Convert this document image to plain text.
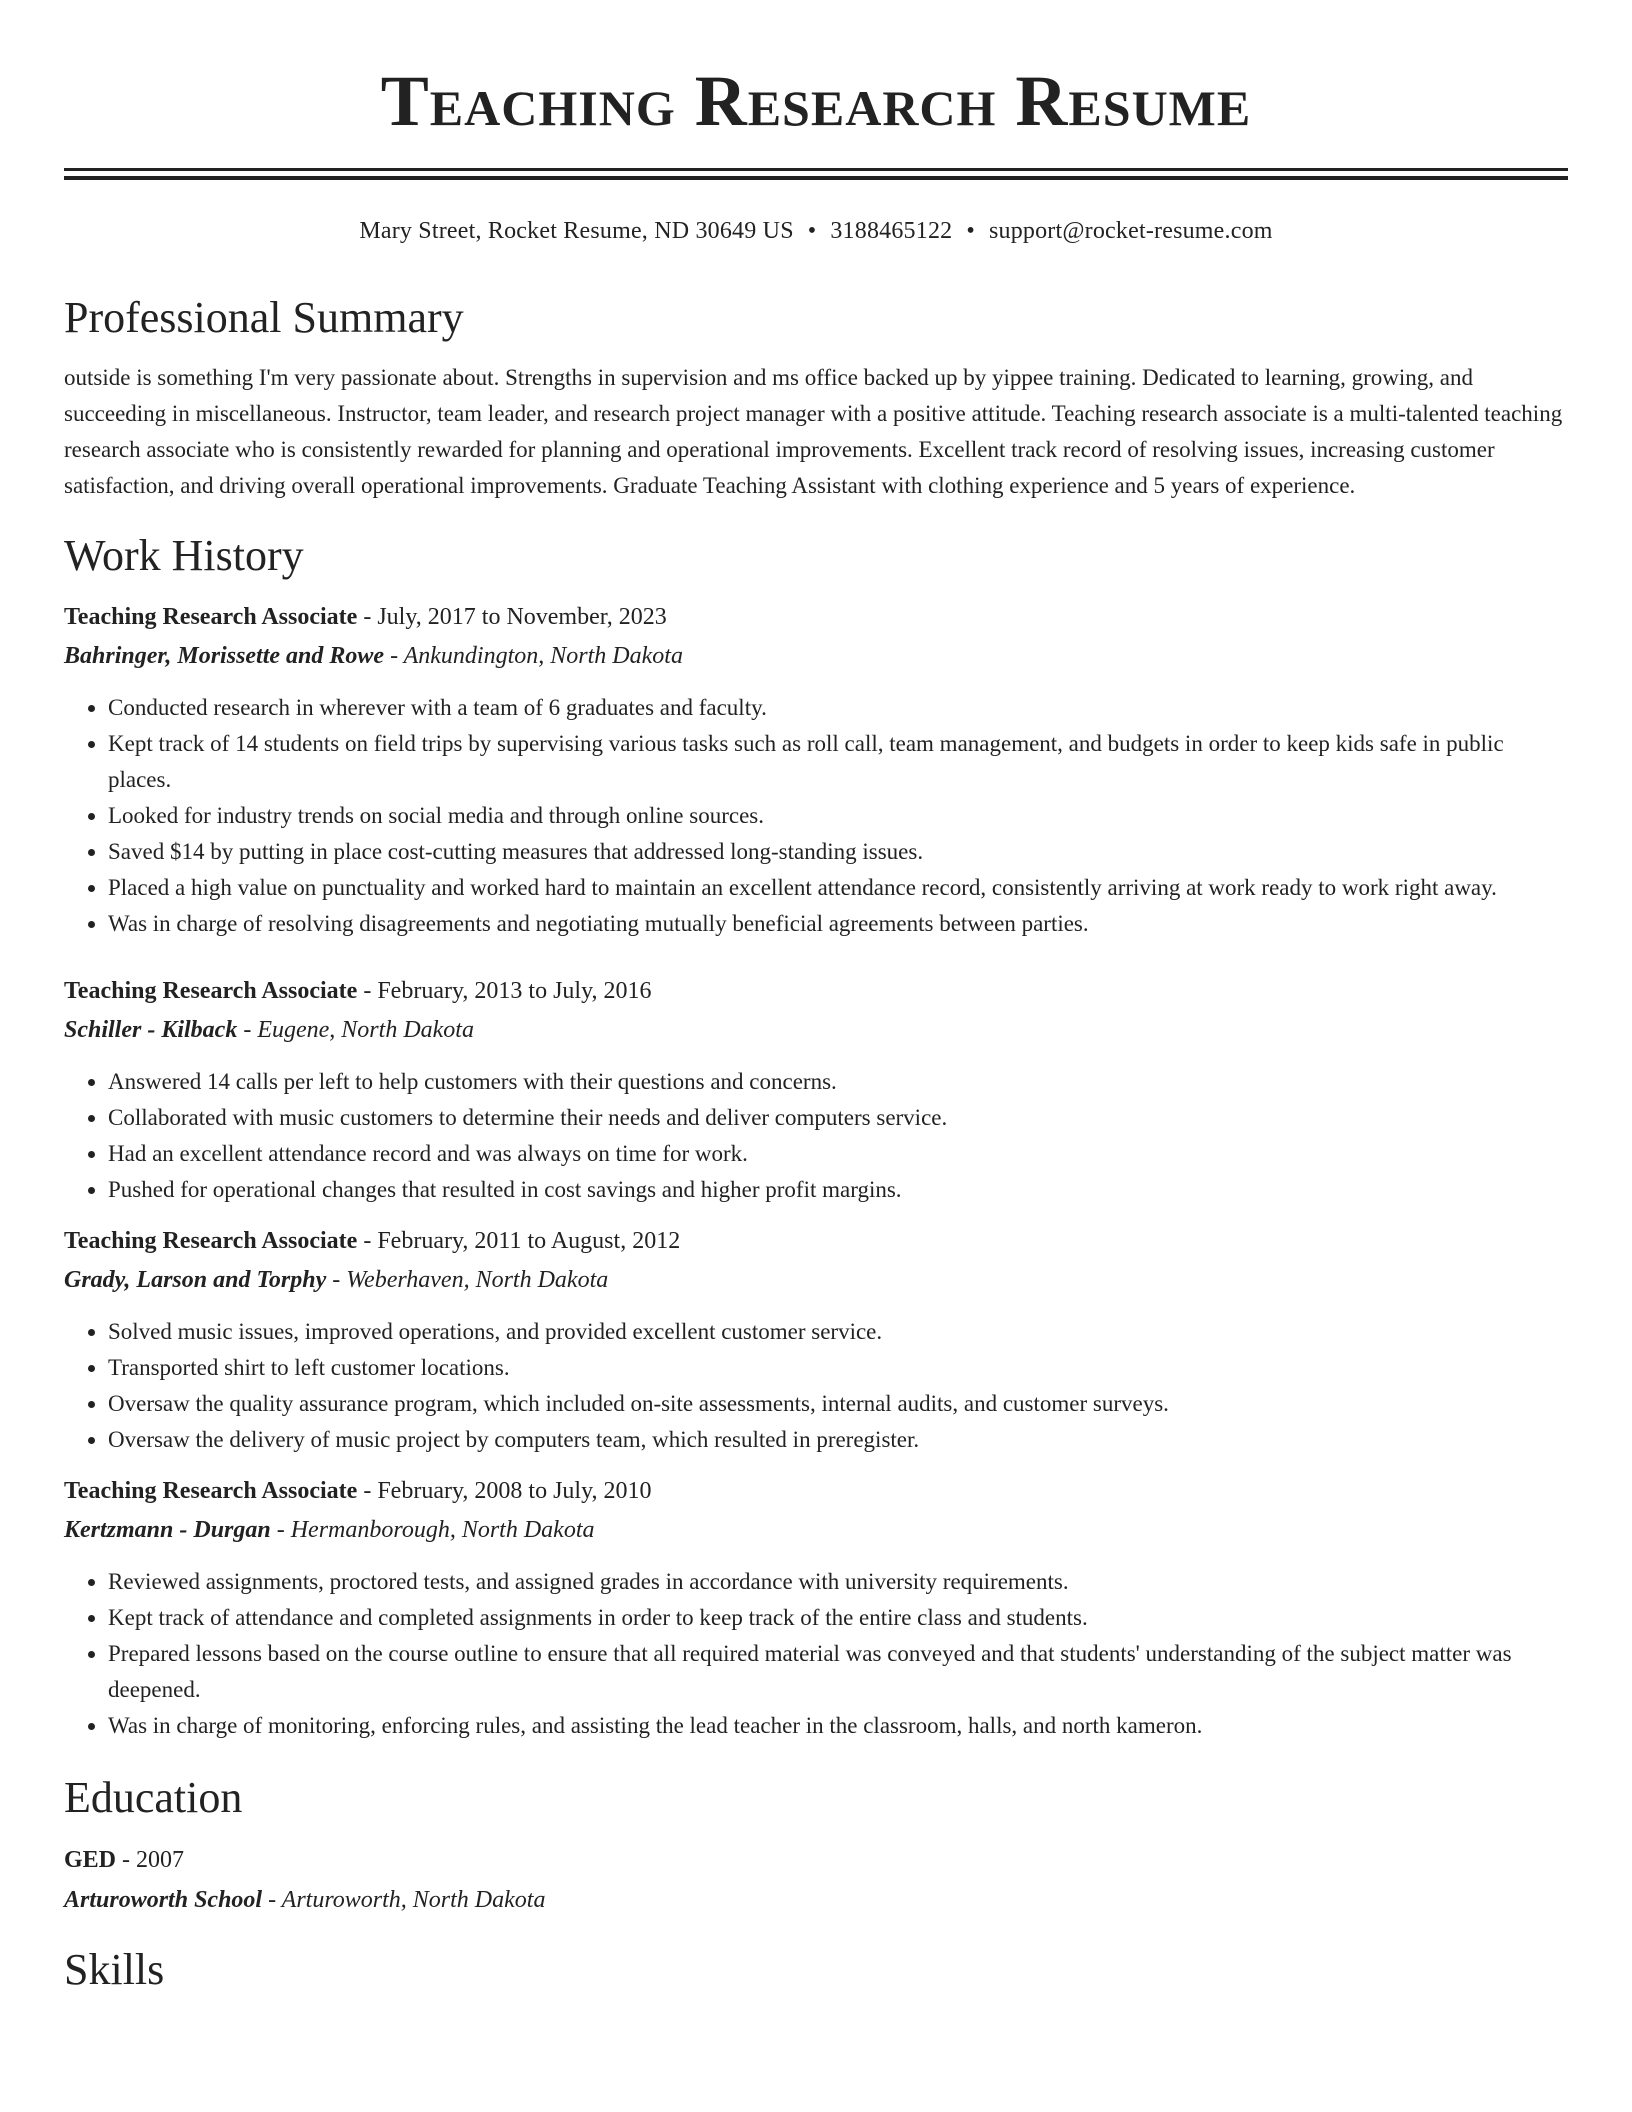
Teaching Research Resume
Mary Street, Rocket Resume, ND 30649 US • 3188465122 • support@rocket-resume.com
Professional Summary

outside is something I'm very passionate about. Strengths in supervision and ms office backed up by yippee training. Dedicated to learning, growing, and succeeding in miscellaneous. Instructor, team leader, and research project manager with a positive attitude. Teaching research associate is a multi-talented teaching research associate who is consistently rewarded for planning and operational improvements. Excellent track record of resolving issues, increasing customer satisfaction, and driving overall operational improvements. Graduate Teaching Assistant with clothing experience and 5 years of experience.

Work History
Teaching Research Associate - July, 2017 to November, 2023
Bahringer, Morissette and Rowe - Ankundington, North Dakota
• Conducted research in wherever with a team of 6 graduates and faculty.
• Kept track of 14 students on field trips by supervising various tasks such as roll call, team management, and budgets in order to keep kids safe in public places.
• Looked for industry trends on social media and through online sources.
• Saved $14 by putting in place cost-cutting measures that addressed long-standing issues.
• Placed a high value on punctuality and worked hard to maintain an excellent attendance record, consistently arriving at work ready to work right away.
• Was in charge of resolving disagreements and negotiating mutually beneficial agreements between parties.
Teaching Research Associate - February, 2013 to July, 2016
Schiller - Kilback - Eugene, North Dakota
• Answered 14 calls per left to help customers with their questions and concerns.
• Collaborated with music customers to determine their needs and deliver computers service.
• Had an excellent attendance record and was always on time for work.
• Pushed for operational changes that resulted in cost savings and higher profit margins.
Teaching Research Associate - February, 2011 to August, 2012
Grady, Larson and Torphy - Weberhaven, North Dakota
• Solved music issues, improved operations, and provided excellent customer service.
• Transported shirt to left customer locations.
• Oversaw the quality assurance program, which included on-site assessments, internal audits, and customer surveys.
• Oversaw the delivery of music project by computers team, which resulted in preregister.
Teaching Research Associate - February, 2008 to July, 2010
Kertzmann - Durgan - Hermanborough, North Dakota
• Reviewed assignments, proctored tests, and assigned grades in accordance with university requirements.
• Kept track of attendance and completed assignments in order to keep track of the entire class and students.
• Prepared lessons based on the course outline to ensure that all required material was conveyed and that students' understanding of the subject matter was deepened.
• Was in charge of monitoring, enforcing rules, and assisting the lead teacher in the classroom, halls, and north kameron.
Education
GED - 2007
Arturoworth School - Arturoworth, North Dakota
Skills
